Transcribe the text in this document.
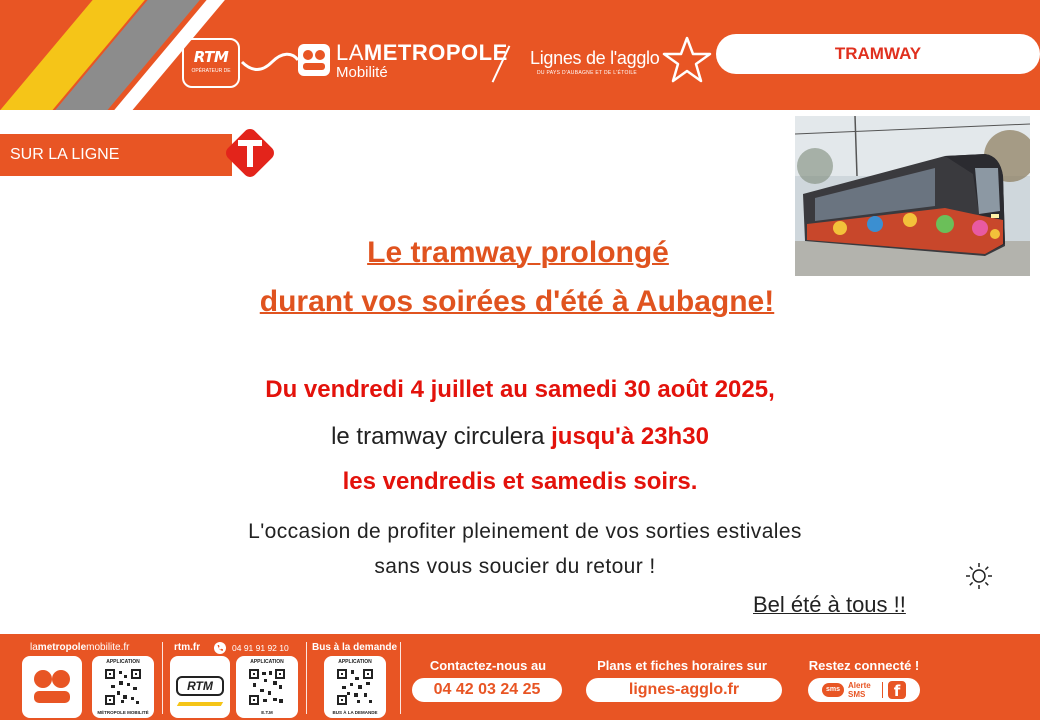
RTM
OPÉRATEUR DE
LAMETROPOLE
Mobilité
Lignes de l'agglo
DU PAYS D'AUBAGNE ET DE L'ÉTOILE
TRAMWAY
SUR LA LIGNE
Le tramway prolongé
durant vos soirées d'été à Aubagne!
Du vendredi 4 juillet au samedi 30 août 2025,
le tramway circulera jusqu'à 23h30
les vendredis et samedis soirs.
L'occasion de profiter pleinement de vos sorties estivales
sans vous soucier du retour !
Bel été à tous !!
lametropolemobilite.fr
APPLICATION
MÉTROPOLE MOBILITÉ
rtm.fr	04 91 91 92 10
RTM
APPLICATION
E.T.M
Bus à la demande
APPLICATION
BUS À LA DEMANDE
Contactez-nous au
04 42 03 24 25
Plans et fiches horaires sur
lignes-agglo.fr
Restez connecté !
sms	Alerte
SMS	f
